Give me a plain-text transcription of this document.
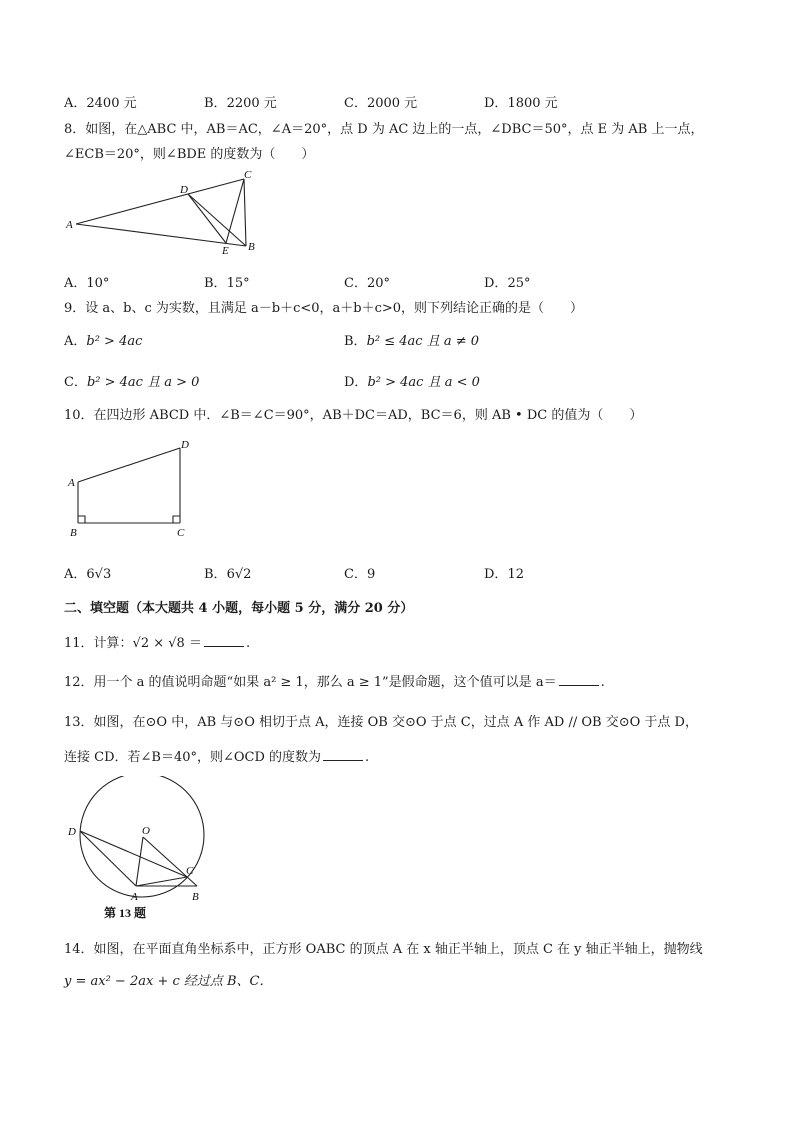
A．2400 元	B．2200 元	C．2000 元	D．1800 元
8．如图，在△ABC 中，AB＝AC，∠A＝20°，点 D 为 AC 边上的一点，∠DBC＝50°，点 E 为 AB 上一点，
∠ECB＝20°，则∠BDE 的度数为（　　）
A
C
D
E B
A．10°	B．15°	C．20°	D．25°
9．设 a、b、c 为实数，且满足 a－b＋c<0，a＋b＋c>0，则下列结论正确的是（　　）
A．b² > 4ac	B．b² ≤ 4ac 且 a ≠ 0
C．b² > 4ac 且 a > 0	D．b² > 4ac 且 a < 0
10．在四边形 ABCD 中．∠B＝∠C＝90°，AB＋DC＝AD，BC＝6，则 AB • DC 的值为（　　）
A
D
B	C
A．6√3	B．6√2	C．9	D．12
二、填空题（本大题共 4 小题，每小题 5 分，满分 20 分）
11．计算：√2 × √8 ＝	.
12．用一个 a 的值说明命题“如果 a² ≥ 1，那么 a ≥ 1”是假命题，这个值可以是 a＝	.
13．如图，在⊙O 中，AB 与⊙O 相切于点 A，连接 OB 交⊙O 于点 C，过点 A 作 AD // OB 交⊙O 于点 D，
连接 CD．若∠B＝40°，则∠OCD 的度数为	.
D	O
C
A	B
第 13 题
14．如图，在平面直角坐标系中，正方形 OABC 的顶点 A 在 x 轴正半轴上，顶点 C 在 y 轴正半轴上，抛物线
y = ax² − 2ax + c 经过点 B、C．
